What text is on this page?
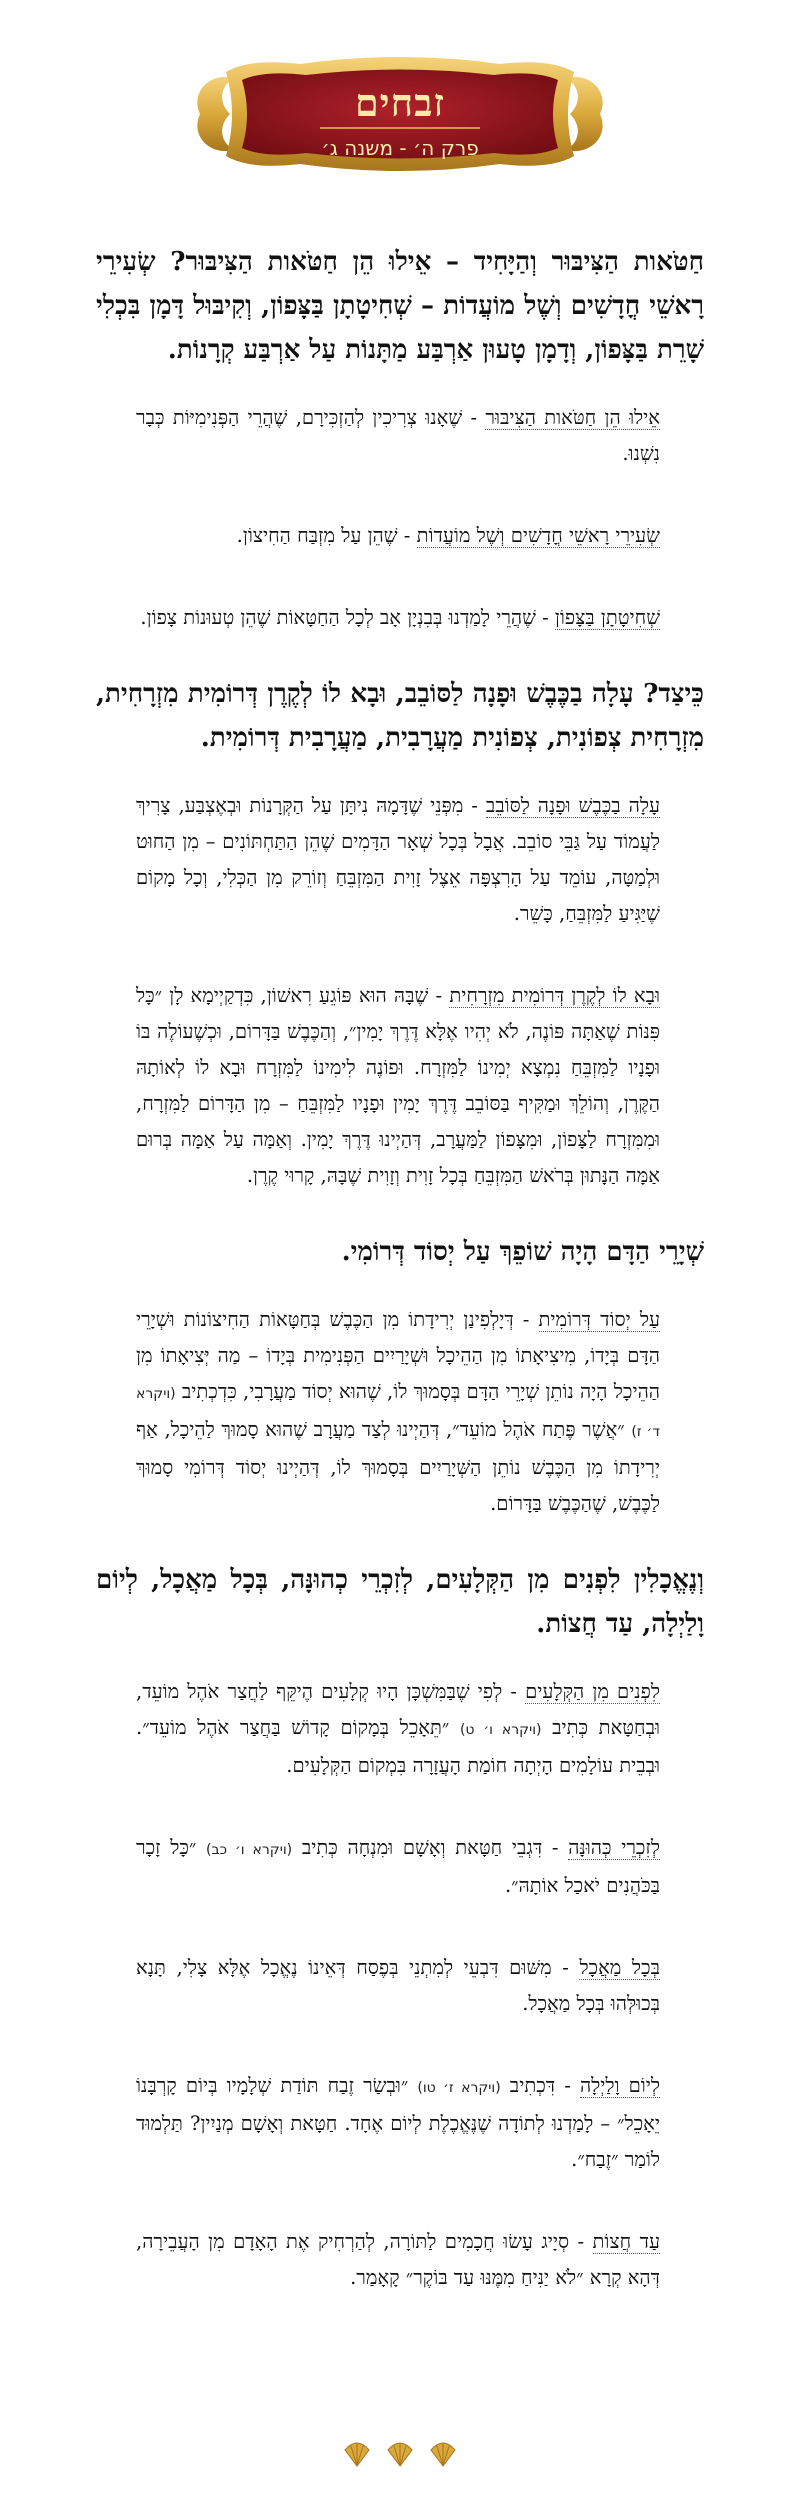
זבחים
פרק ה׳ - משנה ג׳

חַטֹּאות הַצִּיבּוּר וְהַיָּחִיד – אֵילוּ הֵן חַטֹּאות הַצִּיבּוּר? שְׂעִירֵי רָאשֵׁי חֳדָשִׁים וְשֶׁל מוֹעֲדוֹת – שְׁחִיטָתָן בַּצָּפוֹן, וְקִיבּוּל דָּמָן בִּכְלִי שָׁרֵת בַּצָּפוֹן, וְדָמָן טָעוּן אַרְבַּע מַתָּנוֹת עַל אַרְבַּע קְרָנוֹת.

אֵילוּ הֵן חַטֹּאות הַצִּיבּוּר - שֶׁאָנוּ צְרִיכִין לְהַזְכִּירָם, שֶׁהֲרֵי הַפְּנִימִיּוֹת כְּבָר נִשְׁנוּ.
שְׂעִירֵי רָאשֵׁי חֳדָשִׁים וְשֶׁל מוֹעֲדוֹת - שֶׁהֵן עַל מִזְבַּח הַחִיצוֹן.
שְׁחִיטָתָן בַּצָּפוֹן - שֶׁהֲרֵי לָמַדְנוּ בְּבִנְיָן אָב לְכָל הַחַטָּאוֹת שֶׁהֵן טְעוּנוֹת צָפוֹן.

כֵּיצַד? עָלָה בַכֶּבֶשׁ וּפָנָה לַסּוֹבֵב, וּבָא לוֹ לְקֶרֶן דְּרוֹמִית מִזְרָחִית, מִזְרָחִית צְפוֹנִית, צְפוֹנִית מַעֲרָבִית, מַעֲרָבִית דְּרוֹמִית.

עָלָה בַכֶּבֶשׁ וּפָנָה לַסּוֹבֵב - מִפְּנֵי שֶׁדָּמָהּ נִיתָּן עַל הַקְּרָנוֹת וּבְאֶצְבַּע, צָרִיךְ לַעֲמוֹד עַל גַּבֵּי סוֹבֵב. אֲבָל בְּכָל שְׁאָר הַדָּמִים שֶׁהֵן הַתַּחְתּוֹנִים – מִן הַחוּט וּלְמַטָּה, עוֹמֵד עַל הָרִצְפָּה אֵצֶל זָוִית הַמִּזְבֵּחַ וְזוֹרֵק מִן הַכְּלִי, וְכָל מָקוֹם שֶׁיַּגִּיעַ לַמִּזְבֵּחַ, כָּשֵׁר.
וּבָא לוֹ לְקֶרֶן דְּרוֹמִית מִזְרָחִית - שֶׁבָּהּ הוּא פּוֹגֵעַ רִאשׁוֹן, כִּדְקַיְימָא לָן ״כָּל פִּנּוֹת שֶׁאַתָּה פּוֹנֶה, לֹא יְהִיו אֶלָּא דֶּרֶךְ יָמִין״, וְהַכֶּבֶשׁ בַּדָּרוֹם, וּכְשֶׁעוֹלֶה בּוֹ וּפָנָיו לַמִּזְבֵּחַ נִמְצָא יְמִינוֹ לַמִּזְרָח. וּפוֹנֶה לִימִינוֹ לַמִּזְרָח וּבָא לוֹ לְאוֹתָהּ הַקֶּרֶן, וְהוֹלֵךְ וּמַקִּיף בַּסּוֹבֵב דֶּרֶךְ יָמִין וּפָנָיו לַמִּזְבֵּחַ – מִן הַדָּרוֹם לַמִּזְרָח, וּמִמִּזְרָח לַצָּפוֹן, וּמִצָּפוֹן לַמַּעֲרָב, דְּהַיְינוּ דֶּרֶךְ יָמִין. וְאַמָּה עַל אַמָּה בְּרוּם אַמָּה הַנָּתוּן בְּרֹאשׁ הַמִּזְבֵּחַ בְּכָל זָוִית וְזָוִית שֶׁבָּהּ, קָרוּי קֶרֶן.

שְׁיָרֵי הַדָּם הָיָה שׁוֹפֵךְ עַל יְסוֹד דְּרוֹמִי.

עַל יְסוֹד דְּרוֹמִית - דְּיָלְפִינַן יְרִידָתוֹ מִן הַכֶּבֶשׁ בְּחַטָּאוֹת הַחִיצוֹנוֹת וּשְׁיָרֵי הַדָּם בְּיָדוֹ, מִיצִיאָתוֹ מִן הַהֵיכָל וּשְׁיָרַיִים הַפְּנִימִית בְּיָדוֹ – מַה יְּצִיאָתוֹ מִן הַהֵיכָל הָיָה נוֹתֵן שְׁיָרֵי הַדָּם בְּסָמוּךְ לוֹ, שֶׁהוּא יְסוֹד מַעֲרָבִי, כִּדְכְתִיב (ויקרא ד׳ ז) ״אֲשֶׁר פֶּתַח אֹהֶל מוֹעֵד״, דְּהַיְינוּ לְצַד מַעֲרָב שֶׁהוּא סָמוּךְ לַהֵיכָל, אַף יְרִידָתוֹ מִן הַכֶּבֶשׁ נוֹתֵן הַשְּׁיָרַיִים בְּסָמוּךְ לוֹ, דְּהַיְינוּ יְסוֹד דְּרוֹמִי סָמוּךְ לַכֶּבֶשׁ, שֶׁהַכֶּבֶשׁ בַּדָּרוֹם.

וְנֶאֱכָלִין לִפְנִים מִן הַקְּלָעִים, לְזִכְרֵי כְהוּנָּה, בְּכָל מַאֲכָל, לְיוֹם וָלַיְלָה, עַד חֲצוֹת.

לִפְנִים מִן הַקְּלָעִים - לְפִי שֶׁבַּמִּשְׁכָּן הָיוּ קְלָעִים הֶיקֵּף לַחֲצַר אֹהֶל מוֹעֵד, וּבְחַטָּאת כְּתִיב (ויקרא ו׳ ט) ״תֵּאָכֵל בְּמָקוֹם קָדוֹשׁ בַּחֲצַר אֹהֶל מוֹעֵד״. וּבְבֵית עוֹלָמִים הָיְתָה חוֹמַת הָעֲזָרָה בִּמְקוֹם הַקְּלָעִים.
לְזִכְרֵי כְּהוּנָּה - דִּגְבֵי חַטָּאת וְאָשָׁם וּמִנְחָה כְּתִיב (ויקרא ו׳ כב) ״כָּל זָכָר בַּכֹּהֲנִים יֹאכַל אוֹתָהּ״.
בְּכָל מַאֲכָל - מִשּׁוּם דִּבְעֵי לְמִתְנֵי בְּפֶסַח דְּאֵינוֹ נֶאֱכָל אֶלָּא צָלִי, תָּנָא בְּכוּלְּהוּ בְּכָל מַאֲכָל.
לְיוֹם וָלַיְלָה - דִּכְתִיב (ויקרא ז׳ טו) ״וּבְשַׂר זֶבַח תּוֹדַת שְׁלָמָיו בְּיוֹם קָרְבָּנוֹ יֵאָכֵל״ – לָמַדְנוּ לְתוֹדָה שֶׁנֶּאֱכֶלֶת לְיוֹם אֶחָד. חַטָּאת וְאָשָׁם מְנַיִין? תַּלְמוּד לוֹמַר ״זֶבַח״.
עַד חֲצוֹת - סְיָיג עָשׂוּ חֲכָמִים לַתּוֹרָה, לְהַרְחִיק אֶת הָאָדָם מִן הָעֲבֵירָה, דְּהָא קְרָא ״לֹא יַנִּיחַ מִמֶּנּוּ עַד בּוֹקֶר״ קָאָמַר.
